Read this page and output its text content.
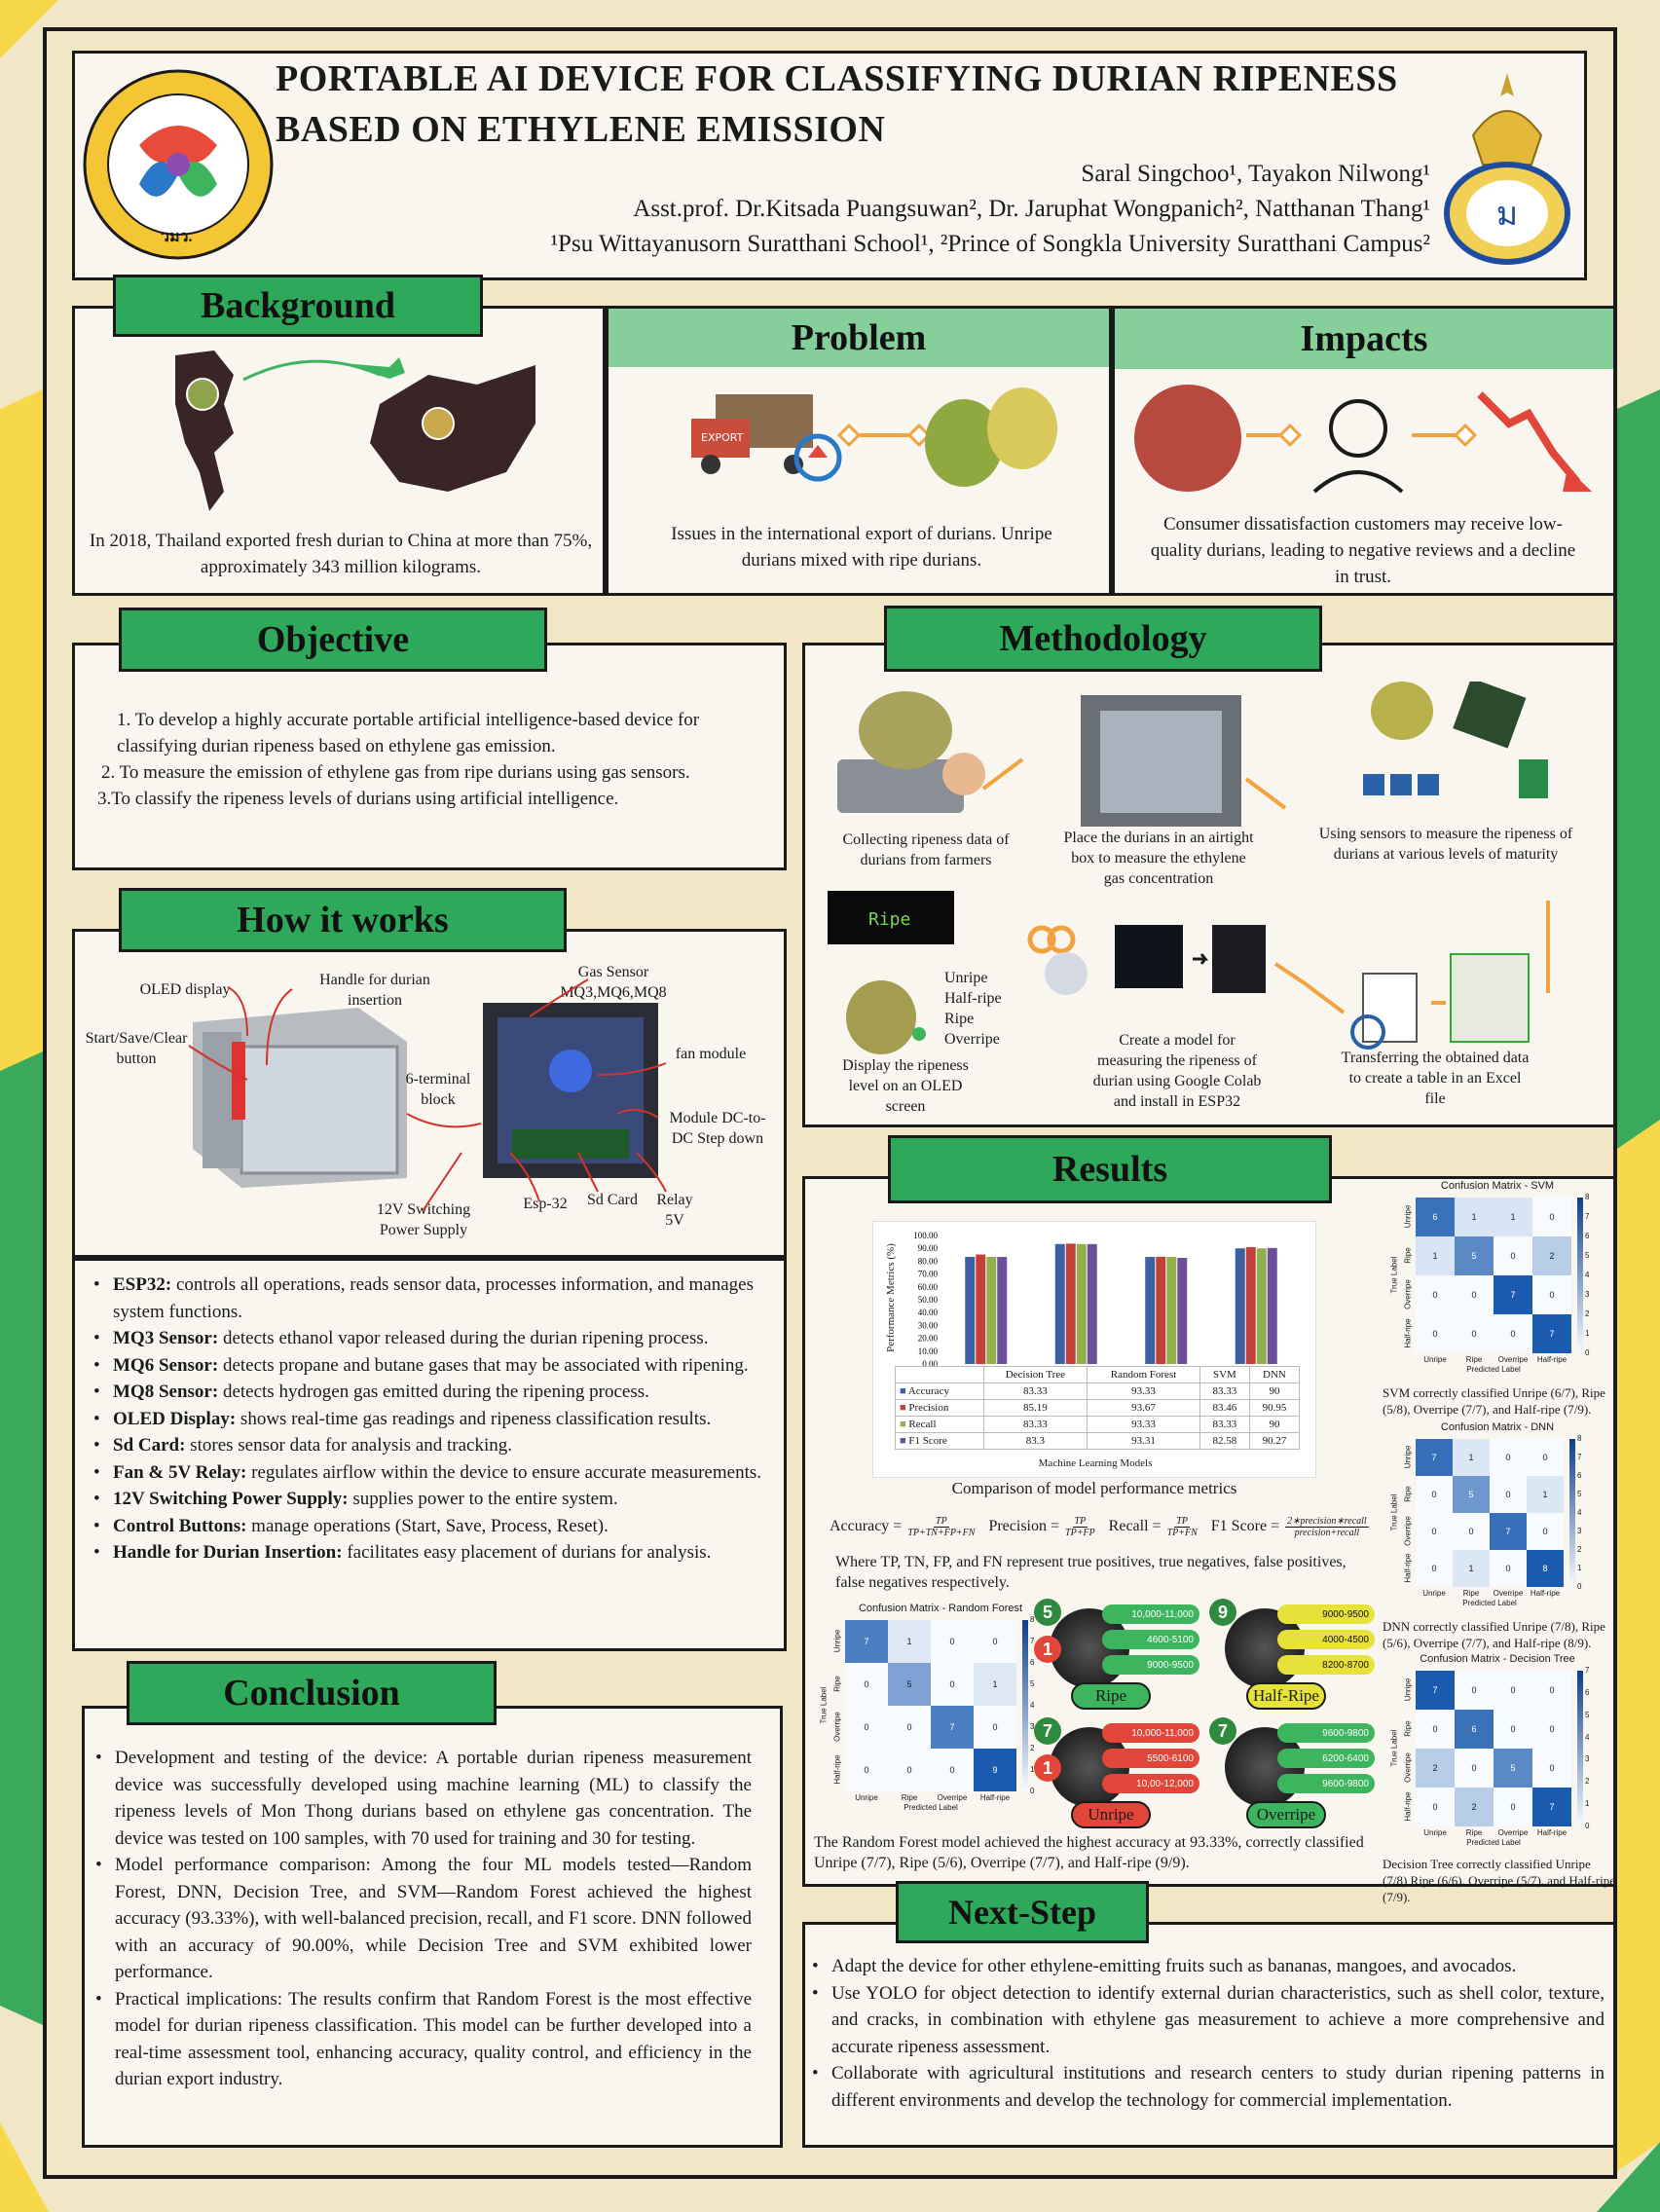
วมว.
PORTABLE AI DEVICE FOR CLASSIFYING DURIAN RIPENESS
BASED ON ETHYLENE EMISSION
Saral Singchoo¹, Tayakon Nilwong¹
Asst.prof. Dr.Kitsada Puangsuwan², Dr. Jaruphat Wongpanich², Natthanan Thang¹
¹Psu Wittayanusorn Suratthani School¹, ²Prince of Songkla University Suratthani Campus²
ม
Background
In 2018, Thailand exported fresh durian to China at more than 75%, approximately 343 million kilograms.
Problem
EXPORT
Issues in the international export of durians. Unripe durians mixed with ripe durians.
Impacts
Consumer dissatisfaction customers may receive low-quality durians, leading to negative reviews and a decline in trust.
Objective
1. To develop a highly accurate portable artificial intelligence-based device for classifying durian ripeness based on ethylene gas emission.
2. To measure the emission of ethylene gas from ripe durians using gas sensors.
3.To classify the ripeness levels of durians using artificial intelligence.
How it works
OLED display
Handle for durian insertion
Gas Sensor MQ3,MQ6,MQ8
Start/Save/Clear button
6-terminal block
fan module
Module DC-to-DC Step down
12V Switching Power Supply
Esp-32	Sd Card	Relay 5V
• ESP32: controls all operations, reads sensor data, processes information, and manages system functions.
• MQ3 Sensor: detects ethanol vapor released during the durian ripening process.
• MQ6 Sensor: detects propane and butane gases that may be associated with ripening.
• MQ8 Sensor: detects hydrogen gas emitted during the ripening process.
• OLED Display: shows real-time gas readings and ripeness classification results.
• Sd Card: stores sensor data for analysis and tracking.
• Fan & 5V Relay: regulates airflow within the device to ensure accurate measurements.
• 12V Switching Power Supply: supplies power to the entire system.
• Control Buttons: manage operations (Start, Save, Process, Reset).
• Handle for Durian Insertion: facilitates easy placement of durians for analysis.
Conclusion
• Development and testing of the device: A portable durian ripeness measurement device was successfully developed using machine learning (ML) to classify the ripeness levels of Mon Thong durians based on ethylene gas concentration. The device was tested on 100 samples, with 70 used for training and 30 for testing.
• Model performance comparison: Among the four ML models tested—Random Forest, DNN, Decision Tree, and SVM—Random Forest achieved the highest accuracy (93.33%), with well-balanced precision, recall, and F1 score. DNN followed with an accuracy of 90.00%, while Decision Tree and SVM exhibited lower performance.
• Practical implications: The results confirm that Random Forest is the most effective model for durian ripeness classification. This model can be further developed into a real-time assessment tool, enhancing accuracy, quality control, and efficiency in the durian export industry.
Methodology
Ripe
Collecting ripeness data of durians from farmers
Place the durians in an airtight box to measure the ethylene gas concentration
Using sensors to measure the ripeness of durians at various levels of maturity
Display the ripeness level on an OLED screen
Create a model for measuring the ripeness of durian using Google Colab and install in ESP32
Transferring the obtained data to create a table in an Excel file
Unripe
Half-ripe
Ripe
Overripe
Results
100.00
90.00
80.00
70.00
60.00
50.00
40.00
30.00
20.00
10.00
0.00
	Decision Tree	Random Forest	SVM	DNN
■ Accuracy	83.33	93.33	83.33	90
■ Precision	85.19	93.67	83.46	90.95
■ Recall	83.33	93.33	83.33	90
■ F1 Score	83.3	93.31	82.58	90.27
Machine Learning Models
Performance Metrics (%)
Comparison of model performance metrics
Accuracy = $\frac{TP}{TP+TN+FP+FN}$ Precision = $\frac{TP}{TP+FP}$ Recall = $\frac{TP}{TP+FN} F1$ Score = 2∗precision∗recall
precision+recall
Where TP, TN, FP, and FN represent true positives, true negatives, false positives, false negatives respectively.
Confusion Matrix - Random Forest
7	1	0	0
0	5	0	1
0	0	7	0
0	0	0	9
Unripe
Unripe
Ripe
Ripe
Overripe
Overripe
Half-ripe
Half-ripe
Predicted Label
True Label
8
7
6
5
4
3
2
1
0
Confusion Matrix - SVM
6	1	1	0
1	5	0	2
0	0	7	0
0	0	0	7
Unripe
Unripe
Ripe
Ripe
Overripe
Overripe
Half-ripe
Half-ripe
Predicted Label
True Label
8
7
6
5
4
3
2
1
0
SVM correctly classified Unripe (6/7), Ripe (5/8), Overripe (7/7), and Half-ripe (7/9).
Confusion Matrix - DNN
7	1	0	0
0	5	0	1
0	0	7	0
0	1	0	8
Unripe
Unripe
Ripe
Ripe
Overripe
Overripe
Half-ripe
Half-ripe
Predicted Label
True Label
8
7
6
5
4
3
2
1
0
DNN correctly classified Unripe (7/8), Ripe (5/6), Overripe (7/7), and Half-ripe (8/9).
Confusion Matrix - Decision Tree
7	0	0	0
0	6	0	0
2	0	5	0
0	2	0	7
Unripe
Unripe
Ripe
Ripe
Overripe
Overripe
Half-ripe
Half-ripe
Predicted Label
True Label
7
6
5
4
3
2
1
0
Decision Tree correctly classified Unripe (7/8) Ripe (6/6), Overripe (5/7), and Half-ripe (7/9).
5
1
10,000-11,000
4600-5100
9000-9500
Ripe
9	9000-9500
4000-4500
8200-8700
Half-Ripe
7
1
10,000-11,000
5500-6100
10,00-12,000
Unripe
7	9600-9800
6200-6400
9600-9800
Overripe
The Random Forest model achieved the highest accuracy at 93.33%, correctly classified Unripe (7/7), Ripe (5/6), Overripe (7/7), and Half-ripe (9/9).
Next-Step
• Adapt the device for other ethylene-emitting fruits such as bananas, mangoes, and avocados.
• Use YOLO for object detection to identify external durian characteristics, such as shell color, texture, and cracks, in combination with ethylene gas measurement to achieve a more comprehensive and accurate ripeness assessment.
• Collaborate with agricultural institutions and research centers to study durian ripening patterns in different environments and develop the technology for commercial implementation.
